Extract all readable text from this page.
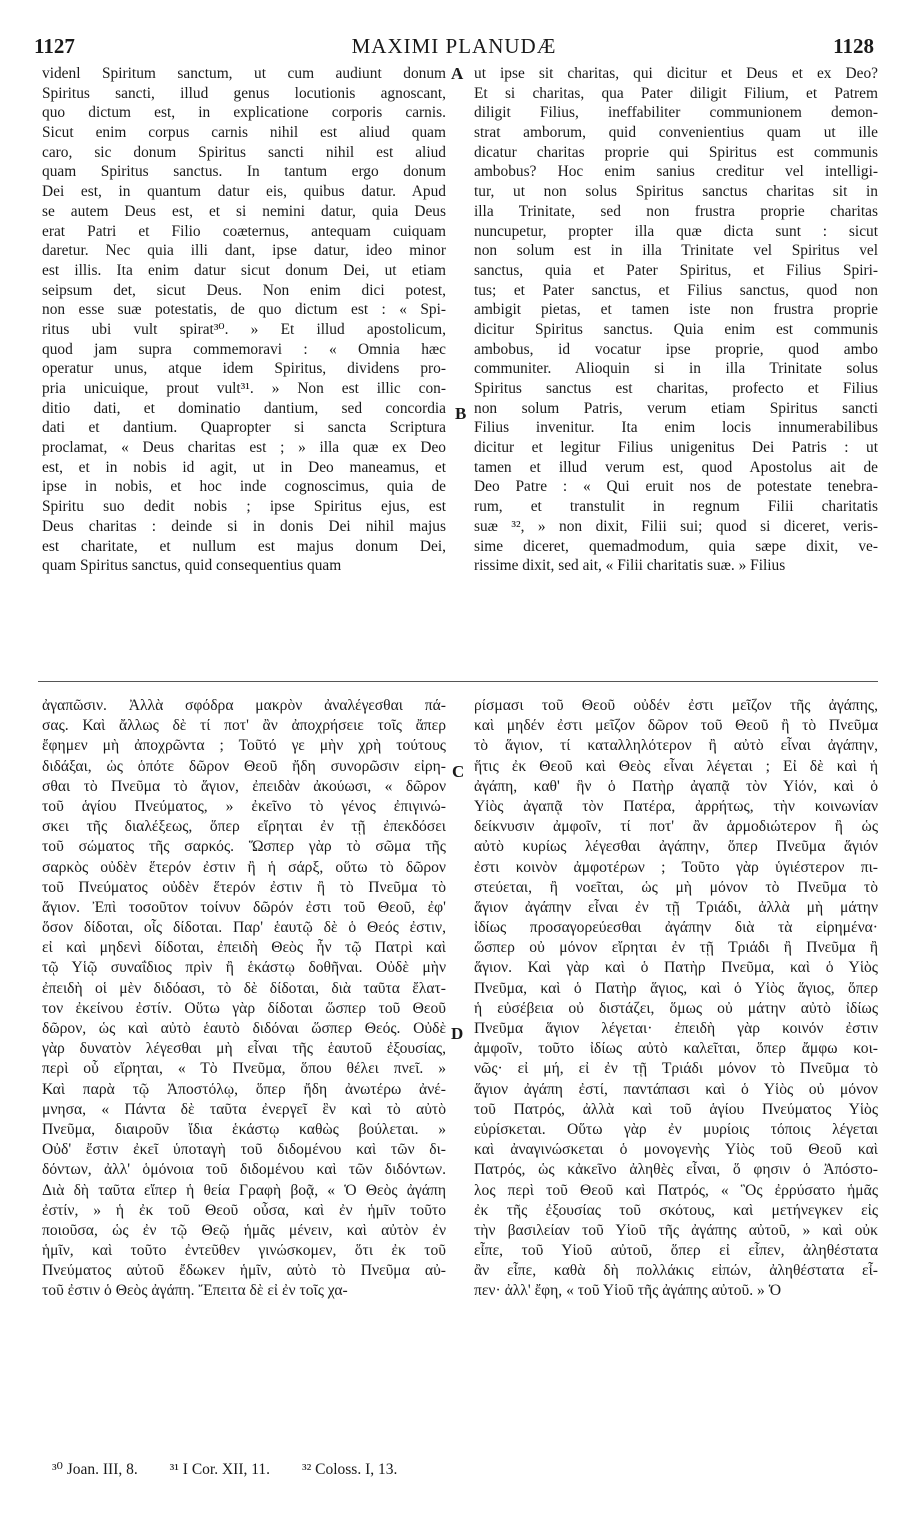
1127	MAXIMI PLANUDÆ	1128
videnl Spiritum sanctum, ut cum audiunt donum
Spiritus sancti, illud genus locutionis agnoscant,
quo dictum est, in explicatione corporis carnis.
Sicut enim corpus carnis nihil est aliud quam
caro, sic donum Spiritus sancti nihil est aliud
quam Spiritus sanctus. In tantum ergo donum
Dei est, in quantum datur eis, quibus datur. Apud
se autem Deus est, et si nemini datur, quia Deus
erat Patri et Filio coæternus, antequam cuiquam
daretur. Nec quia illi dant, ipse datur, ideo minor
est illis. Ita enim datur sicut donum Dei, ut etiam
seipsum det, sicut Deus. Non enim dici potest,
non esse suæ potestatis, de quo dictum est : « Spi-
ritus ubi vult spirat³⁰. » Et illud apostolicum,
quod jam supra commemoravi : « Omnia hæc
operatur unus, atque idem Spiritus, dividens pro-
pria unicuique, prout vult³¹. » Non est illic con-
ditio dati, et dominatio dantium, sed concordia
dati et dantium. Quapropter si sancta Scriptura
proclamat, « Deus charitas est ; » illa quæ ex Deo
est, et in nobis id agit, ut in Deo maneamus, et
ipse in nobis, et hoc inde cognoscimus, quia de
Spiritu suo dedit nobis ; ipse Spiritus ejus, est
Deus charitas : deinde si in donis Dei nihil majus
est charitate, et nullum est majus donum Dei,
quam Spiritus sanctus, quid consequentius quam
ut ipse sit charitas, qui dicitur et Deus et ex Deo?
Et si charitas, qua Pater diligit Filium, et Patrem
diligit Filius, ineffabiliter communionem demon-
strat amborum, quid convenientius quam ut ille
dicatur charitas proprie qui Spiritus est communis
ambobus? Hoc enim sanius creditur vel intelligi-
tur, ut non solus Spiritus sanctus charitas sit in
illa Trinitate, sed non frustra proprie charitas
nuncupetur, propter illa quæ dicta sunt : sicut
non solum est in illa Trinitate vel Spiritus vel
sanctus, quia et Pater Spiritus, et Filius Spiri-
tus; et Pater sanctus, et Filius sanctus, quod non
ambigit pietas, et tamen iste non frustra proprie
dicitur Spiritus sanctus. Quia enim est communis
ambobus, id vocatur ipse proprie, quod ambo
communiter. Alioquin si in illa Trinitate solus
Spiritus sanctus est charitas, profecto et Filius
non solum Patris, verum etiam Spiritus sancti
Filius invenitur. Ita enim locis innumerabilibus
dicitur et legitur Filius unigenitus Dei Patris : ut
tamen et illud verum est, quod Apostolus ait de
Deo Patre : « Qui eruit nos de potestate tenebra-
rum, et transtulit in regnum Filii charitatis
suæ ³², » non dixit, Filii sui; quod si diceret, veris-
sime diceret, quemadmodum, quia sæpe dixit, ve-
rissime dixit, sed ait, « Filii charitatis suæ. » Filius
A
B
C
D
ἀγαπῶσιν. Ἀλλὰ σφόδρα μακρὸν ἀναλέγεσθαι πά-
σας. Καὶ ἄλλως δὲ τί ποτ' ἂν ἀποχρήσειε τοῖς ἄπερ
ἔφημεν μὴ ἀποχρῶντα ; Τοῦτό γε μὴν χρὴ τούτους
διδάξαι, ὡς ὁπότε δῶρον Θεοῦ ἤδη συνορῶσιν εἰρη-
σθαι τὸ Πνεῦμα τὸ ἅγιον, ἐπειδὰν ἀκούωσι, « δῶρον
τοῦ ἁγίου Πνεύματος, » ἐκεῖνο τὸ γένος ἐπιγινώ-
σκει τῆς διαλέξεως, ὅπερ εἴρηται ἐν τῇ ἐπεκδόσει
τοῦ σώματος τῆς σαρκός. Ὥσπερ γὰρ τὸ σῶμα τῆς
σαρκὸς οὐδὲν ἕτερόν ἐστιν ἢ ἡ σάρξ, οὕτω τὸ δῶρον
τοῦ Πνεύματος οὐδὲν ἕτερόν ἐστιν ἢ τὸ Πνεῦμα τὸ
ἅγιον. Ἐπὶ τοσοῦτον τοίνυν δῶρόν ἐστι τοῦ Θεοῦ, ἐφ'
ὅσον δίδοται, οἷς δίδοται. Παρ' ἑαυτῷ δὲ ὁ Θεός ἐστιν,
εἰ καὶ μηδενὶ δίδοται, ἐπειδὴ Θεὸς ἦν τῷ Πατρὶ καὶ
τῷ Υἱῷ συναΐδιος πρὶν ἢ ἑκάστῳ δοθῆναι. Οὐδὲ μὴν
ἐπειδὴ οἱ μὲν διδόασι, τὸ δὲ δίδοται, διὰ ταῦτα ἔλατ-
τον ἐκείνου ἐστίν. Οὕτω γὰρ δίδοται ὥσπερ τοῦ Θεοῦ
δῶρον, ὡς καὶ αὐτὸ ἑαυτὸ διδόναι ὥσπερ Θεός. Οὐδὲ
γὰρ δυνατὸν λέγεσθαι μὴ εἶναι τῆς ἑαυτοῦ ἐξουσίας,
περὶ οὗ εἴρηται, « Τὸ Πνεῦμα, ὅπου θέλει πνεῖ. »
Καὶ παρὰ τῷ Ἀποστόλῳ, ὅπερ ἤδη ἀνωτέρω ἀνέ-
μνησα, « Πάντα δὲ ταῦτα ἐνεργεῖ ἓν καὶ τὸ αὐτὸ
Πνεῦμα, διαιροῦν ἴδια ἑκάστῳ καθὼς βούλεται. »
Οὐδ' ἔστιν ἐκεῖ ὑποταγὴ τοῦ διδομένου καὶ τῶν δι-
δόντων, ἀλλ' ὁμόνοια τοῦ διδομένου καὶ τῶν διδόντων.
Διὰ δὴ ταῦτα εἴπερ ἡ θεία Γραφὴ βοᾷ, « Ὁ Θεὸς ἀγάπη
ἐστίν, » ἡ ἐκ τοῦ Θεοῦ οὖσα, καὶ ἐν ἡμῖν τοῦτο
ποιοῦσα, ὡς ἐν τῷ Θεῷ ἡμᾶς μένειν, καὶ αὐτὸν ἐν
ἡμῖν, καὶ τοῦτο ἐντεῦθεν γινώσκομεν, ὅτι ἐκ τοῦ
Πνεύματος αὐτοῦ ἔδωκεν ἡμῖν, αὐτὸ τὸ Πνεῦμα αὐ-
τοῦ ἐστιν ὁ Θεὸς ἀγάπη. Ἔπειτα δὲ εἰ ἐν τοῖς χα-
ρίσμασι τοῦ Θεοῦ οὐδέν ἐστι μεῖζον τῆς ἀγάπης,
καὶ μηδέν ἐστι μεῖζον δῶρον τοῦ Θεοῦ ἢ τὸ Πνεῦμα
τὸ ἅγιον, τί καταλληλότερον ἢ αὐτὸ εἶναι ἀγάπην,
ἥτις ἐκ Θεοῦ καὶ Θεὸς εἶναι λέγεται ; Εἰ δὲ καὶ ἡ
ἀγάπη, καθ' ἣν ὁ Πατὴρ ἀγαπᾷ τὸν Υἱόν, καὶ ὁ
Υἱὸς ἀγαπᾷ τὸν Πατέρα, ἀρρήτως, τὴν κοινωνίαν
δείκνυσιν ἀμφοῖν, τί ποτ' ἂν ἁρμοδιώτερον ἢ ὡς
αὐτὸ κυρίως λέγεσθαι ἀγάπην, ὅπερ Πνεῦμα ἅγιόν
ἐστι κοινὸν ἀμφοτέρων ; Τοῦτο γὰρ ὑγιέστερον πι-
στεύεται, ἢ νοεῖται, ὡς μὴ μόνον τὸ Πνεῦμα τὸ
ἅγιον ἀγάπην εἶναι ἐν τῇ Τριάδι, ἀλλὰ μὴ μάτην
ἰδίως προσαγορεύεσθαι ἀγάπην διὰ τὰ εἰρημένα·
ὥσπερ οὐ μόνον εἴρηται ἐν τῇ Τριάδι ἢ Πνεῦμα ἢ
ἅγιον. Καὶ γὰρ καὶ ὁ Πατὴρ Πνεῦμα, καὶ ὁ Υἱὸς
Πνεῦμα, καὶ ὁ Πατὴρ ἅγιος, καὶ ὁ Υἱὸς ἅγιος, ὅπερ
ἡ εὐσέβεια οὐ διστάζει, ὅμως οὐ μάτην αὐτὸ ἰδίως
Πνεῦμα ἅγιον λέγεται· ἐπειδὴ γὰρ κοινόν ἐστιν
ἀμφοῖν, τοῦτο ἰδίως αὐτὸ καλεῖται, ὅπερ ἄμφω κοι-
νῶς· εἰ μή, εἰ ἐν τῇ Τριάδι μόνον τὸ Πνεῦμα τὸ
ἅγιον ἀγάπη ἐστί, παντάπασι καὶ ὁ Υἱὸς οὐ μόνον
τοῦ Πατρός, ἀλλὰ καὶ τοῦ ἁγίου Πνεύματος Υἱὸς
εὑρίσκεται. Οὕτω γὰρ ἐν μυρίοις τόποις λέγεται
καὶ ἀναγινώσκεται ὁ μονογενὴς Υἱὸς τοῦ Θεοῦ καὶ
Πατρός, ὡς κἀκεῖνο ἀληθὲς εἶναι, ὅ φησιν ὁ Ἀπόστο-
λος περὶ τοῦ Θεοῦ καὶ Πατρός, « Ὃς ἐρρύσατο ἡμᾶς
ἐκ τῆς ἐξουσίας τοῦ σκότους, καὶ μετήνεγκεν εἰς
τὴν βασιλείαν τοῦ Υἱοῦ τῆς ἀγάπης αὐτοῦ, » καὶ οὐκ
εἶπε, τοῦ Υἱοῦ αὐτοῦ, ὅπερ εἰ εἶπεν, ἀληθέστατα
ἂν εἶπε, καθὰ δὴ πολλάκις εἰπών, ἀληθέστατα εἶ-
πεν· ἀλλ' ἔφη, « τοῦ Υἱοῦ τῆς ἀγάπης αὐτοῦ. » Ὁ
³⁰ Joan. III, 8. ³¹ I Cor. XII, 11. ³² Coloss. I, 13.
